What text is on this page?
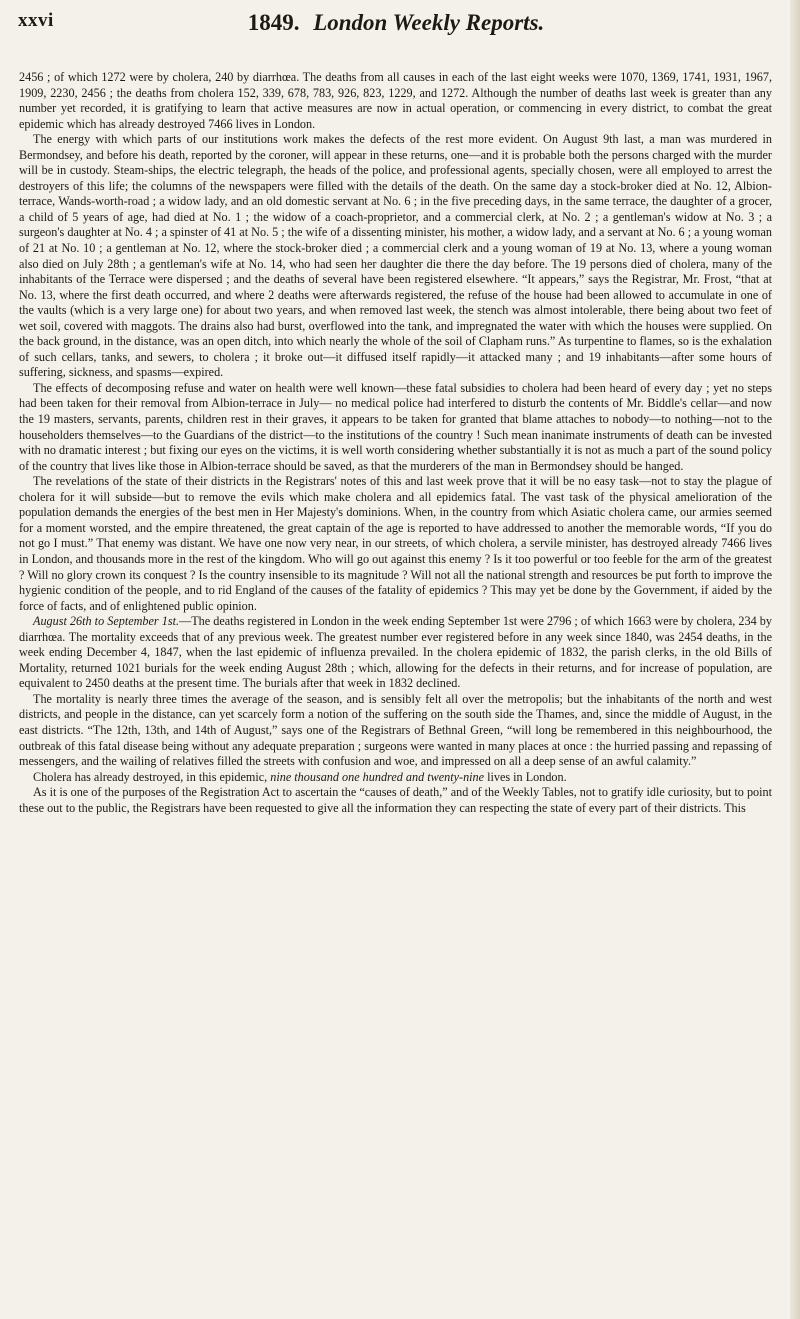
xxvi	1849. London Weekly Reports.

2456 ; of which 1272 were by cholera, 240 by diarrhœa. The deaths from all causes in each of the last eight weeks were 1070, 1369, 1741, 1931, 1967, 1909, 2230, 2456 ; the deaths from cholera 152, 339, 678, 783, 926, 823, 1229, and 1272. Although the number of deaths last week is greater than any number yet recorded, it is gratifying to learn that active measures are now in actual operation, or commencing in every district, to combat the great epidemic which has already destroyed 7466 lives in London.

The energy with which parts of our institutions work makes the defects of the rest more evident. On August 9th last, a man was murdered in Bermondsey, and before his death, reported by the coroner, will appear in these returns, one—and it is probable both the persons charged with the murder will be in custody. Steam-ships, the electric telegraph, the heads of the police, and professional agents, specially chosen, were all employed to arrest the destroyers of this life; the columns of the newspapers were filled with the details of the death. On the same day a stock-broker died at No. 12, Albion-terrace, Wands-worth-road ; a widow lady, and an old domestic servant at No. 6 ; in the five preceding days, in the same terrace, the daughter of a grocer, a child of 5 years of age, had died at No. 1 ; the widow of a coach-proprietor, and a commercial clerk, at No. 2 ; a gentleman's widow at No. 3 ; a surgeon's daughter at No. 4 ; a spinster of 41 at No. 5 ; the wife of a dissenting minister, his mother, a widow lady, and a servant at No. 6 ; a young woman of 21 at No. 10 ; a gentleman at No. 12, where the stock-broker died ; a commercial clerk and a young woman of 19 at No. 13, where a young woman also died on July 28th ; a gentleman's wife at No. 14, who had seen her daughter die there the day before. The 19 persons died of cholera, many of the inhabitants of the Terrace were dispersed ; and the deaths of several have been registered elsewhere. “It appears,” says the Registrar, Mr. Frost, “that at No. 13, where the first death occurred, and where 2 deaths were afterwards registered, the refuse of the house had been allowed to accumulate in one of the vaults (which is a very large one) for about two years, and when removed last week, the stench was almost intolerable, there being about two feet of wet soil, covered with maggots. The drains also had burst, overflowed into the tank, and impregnated the water with which the houses were supplied. On the back ground, in the distance, was an open ditch, into which nearly the whole of the soil of Clapham runs.” As turpentine to flames, so is the exhalation of such cellars, tanks, and sewers, to cholera ; it broke out—it diffused itself rapidly—it attacked many ; and 19 inhabitants—after some hours of suffering, sickness, and spasms—expired.

The effects of decomposing refuse and water on health were well known—these fatal subsidies to cholera had been heard of every day ; yet no steps had been taken for their removal from Albion-terrace in July— no medical police had interfered to disturb the contents of Mr. Biddle's cellar—and now the 19 masters, servants, parents, children rest in their graves, it appears to be taken for granted that blame attaches to nobody—to nothing—not to the householders themselves—to the Guardians of the district—to the institutions of the country ! Such mean inanimate instruments of death can be invested with no dramatic interest ; but fixing our eyes on the victims, it is well worth considering whether substantially it is not as much a part of the sound policy of the country that lives like those in Albion-terrace should be saved, as that the murderers of the man in Bermondsey should be hanged.

The revelations of the state of their districts in the Registrars' notes of this and last week prove that it will be no easy task—not to stay the plague of cholera for it will subside—but to remove the evils which make cholera and all epidemics fatal. The vast task of the physical amelioration of the population demands the energies of the best men in Her Majesty's dominions. When, in the country from which Asiatic cholera came, our armies seemed for a moment worsted, and the empire threatened, the great captain of the age is reported to have addressed to another the memorable words, “If you do not go I must.” That enemy was distant. We have one now very near, in our streets, of which cholera, a servile minister, has destroyed already 7466 lives in London, and thousands more in the rest of the kingdom. Who will go out against this enemy ? Is it too powerful or too feeble for the arm of the greatest ? Will no glory crown its conquest ? Is the country insensible to its magnitude ? Will not all the national strength and resources be put forth to improve the hygienic condition of the people, and to rid England of the causes of the fatality of epidemics ? This may yet be done by the Government, if aided by the force of facts, and of enlightened public opinion.

August 26th to September 1st.—The deaths registered in London in the week ending September 1st were 2796 ; of which 1663 were by cholera, 234 by diarrhœa. The mortality exceeds that of any previous week. The greatest number ever registered before in any week since 1840, was 2454 deaths, in the week ending December 4, 1847, when the last epidemic of influenza prevailed. In the cholera epidemic of 1832, the parish clerks, in the old Bills of Mortality, returned 1021 burials for the week ending August 28th ; which, allowing for the defects in their returns, and for increase of population, are equivalent to 2450 deaths at the present time. The burials after that week in 1832 declined.

The mortality is nearly three times the average of the season, and is sensibly felt all over the metropolis; but the inhabitants of the north and west districts, and people in the distance, can yet scarcely form a notion of the suffering on the south side the Thames, and, since the middle of August, in the east districts. “The 12th, 13th, and 14th of August,” says one of the Registrars of Bethnal Green, “will long be remembered in this neighbourhood, the outbreak of this fatal disease being without any adequate preparation ; surgeons were wanted in many places at once : the hurried passing and repassing of messengers, and the wailing of relatives filled the streets with confusion and woe, and impressed on all a deep sense of an awful calamity.”

Cholera has already destroyed, in this epidemic, nine thousand one hundred and twenty-nine lives in London.

As it is one of the purposes of the Registration Act to ascertain the “causes of death,” and of the Weekly Tables, not to gratify idle curiosity, but to point these out to the public, the Registrars have been requested to give all the information they can respecting the state of every part of their districts. This
